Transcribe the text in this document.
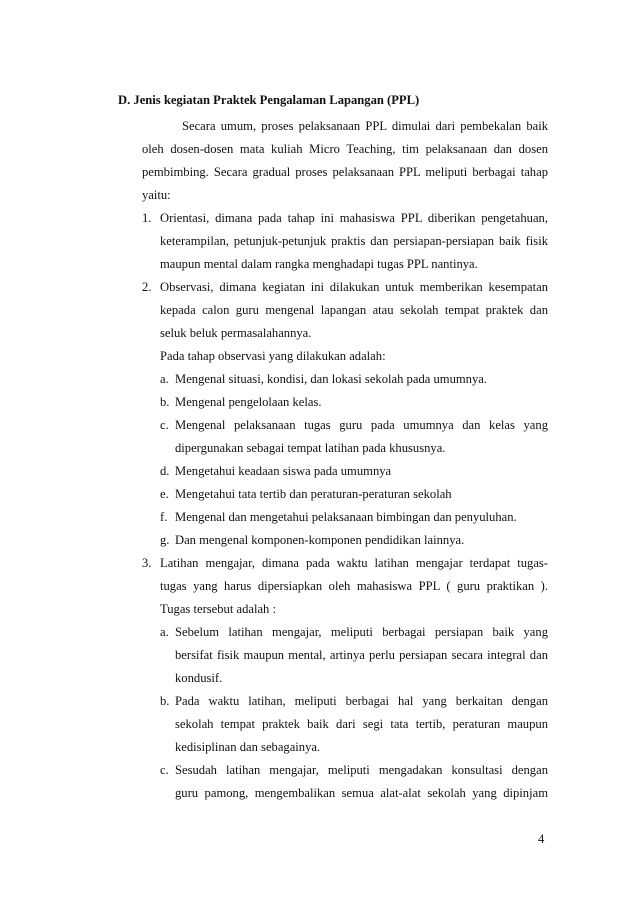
D. Jenis kegiatan Praktek Pengalaman Lapangan (PPL)
Secara umum, proses pelaksanaan PPL dimulai dari pembekalan baik
oleh dosen-dosen mata kuliah Micro Teaching, tim pelaksanaan dan dosen
pembimbing. Secara gradual proses pelaksanaan PPL meliputi berbagai tahap
yaitu:
1. Orientasi, dimana pada tahap ini mahasiswa PPL diberikan pengetahuan,
keterampilan, petunjuk-petunjuk praktis dan persiapan-persiapan baik fisik
maupun mental dalam rangka menghadapi tugas PPL nantinya.
2. Observasi, dimana kegiatan ini dilakukan untuk memberikan kesempatan
kepada calon guru mengenal lapangan atau sekolah tempat praktek dan
seluk beluk permasalahannya.
Pada tahap observasi yang dilakukan adalah:
a. Mengenal situasi, kondisi, dan lokasi sekolah pada umumnya.
b. Mengenal pengelolaan kelas.
c. Mengenal pelaksanaan tugas guru pada umumnya dan kelas yang
dipergunakan sebagai tempat latihan pada khususnya.
d. Mengetahui keadaan siswa pada umumnya
e. Mengetahui tata tertib dan peraturan-peraturan sekolah
f. Mengenal dan mengetahui pelaksanaan bimbingan dan penyuluhan.
g. Dan mengenal komponen-komponen pendidikan lainnya.
3. Latihan mengajar, dimana pada waktu latihan mengajar terdapat tugas-
tugas yang harus dipersiapkan oleh mahasiswa PPL ( guru praktikan ).
Tugas tersebut adalah :
a. Sebelum latihan mengajar, meliputi berbagai persiapan baik yang
bersifat fisik maupun mental, artinya perlu persiapan secara integral dan
kondusif.
b. Pada waktu latihan, meliputi berbagai hal yang berkaitan dengan
sekolah tempat praktek baik dari segi tata tertib, peraturan maupun
kedisiplinan dan sebagainya.
c. Sesudah latihan mengajar, meliputi mengadakan konsultasi dengan
guru pamong, mengembalikan semua alat-alat sekolah yang dipinjam
4
